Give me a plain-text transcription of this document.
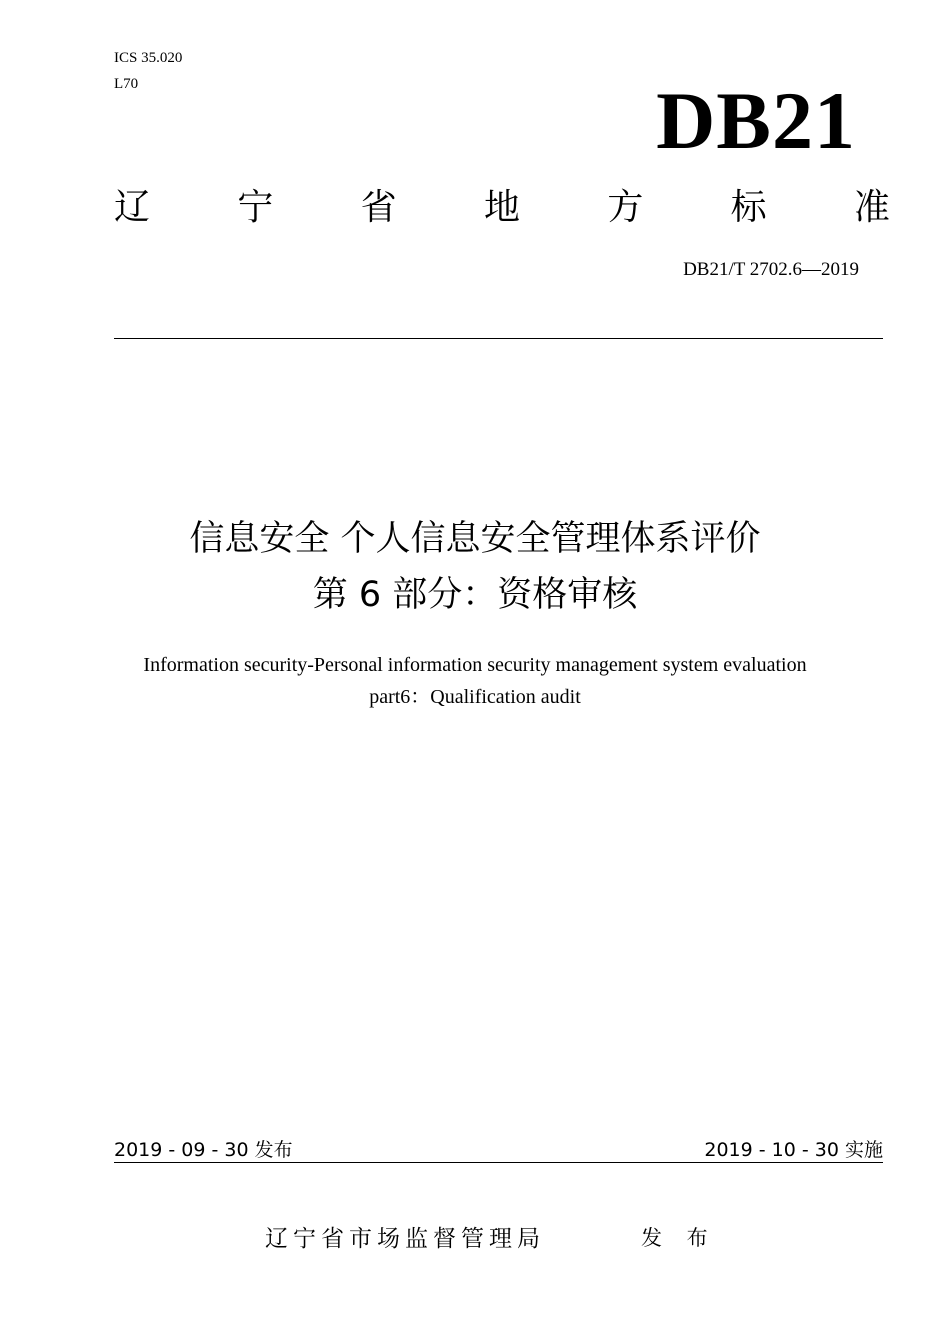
ICS 35.020
L70	DB21
辽 宁 省 地 方 标 准
DB21/T 2702.6—2019
信息安全 个人信息安全管理体系评价
第 6 部分：资格审核
Information security-Personal information security management system evaluation
part6：Qualification audit
2019 - 09 - 30 发布	2019 - 10 - 30 实施
辽宁省市场监督管理局	发 布
